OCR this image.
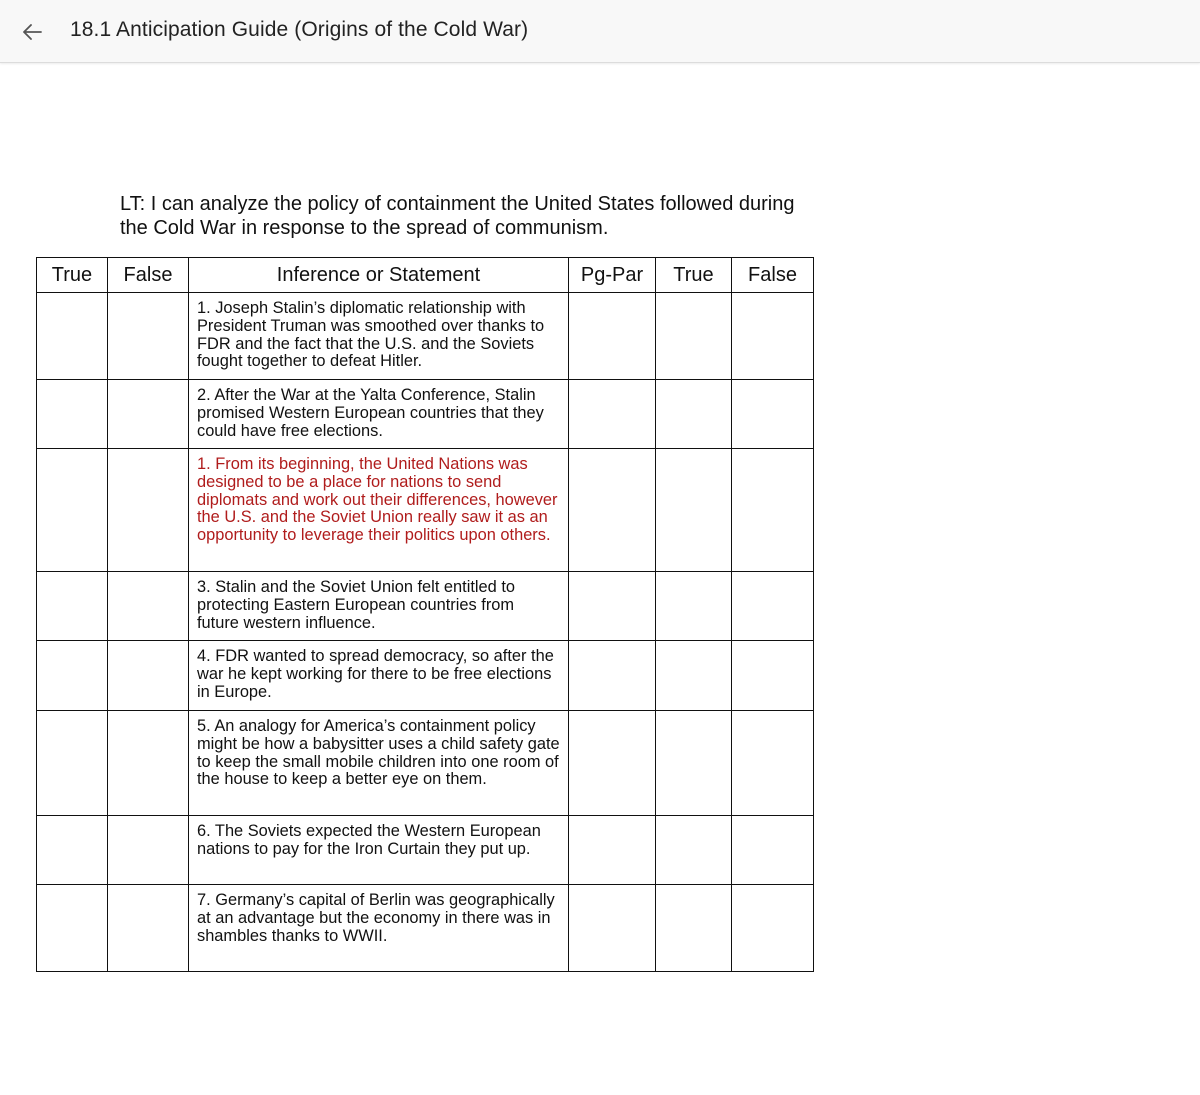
18.1 Anticipation Guide (Origins of the Cold War)
LT: I can analyze the policy of containment the United States followed during the Cold War in response to the spread of communism.
True	False	Inference or Statement	Pg-Par	True	False
		1. Joseph Stalin’s diplomatic relationship with President Truman was smoothed over thanks to FDR and the fact that the U.S. and the Soviets fought together to defeat Hitler.			
		2. After the War at the Yalta Conference, Stalin promised Western European countries that they could have free elections.			
		1. From its beginning, the United Nations was designed to be a place for nations to send diplomats and work out their differences, however the U.S. and the Soviet Union really saw it as an opportunity to leverage their politics upon others.			
		3. Stalin and the Soviet Union felt entitled to protecting Eastern European countries from future western influence.			
		4. FDR wanted to spread democracy, so after the war he kept working for there to be free elections in Europe.			
		5. An analogy for America’s containment policy might be how a babysitter uses a child safety gate to keep the small mobile children into one room of the house to keep a better eye on them.			
		6. The Soviets expected the Western European nations to pay for the Iron Curtain they put up.			
		7. Germany’s capital of Berlin was geographically at an advantage but the economy in there was in shambles thanks to WWII.			
